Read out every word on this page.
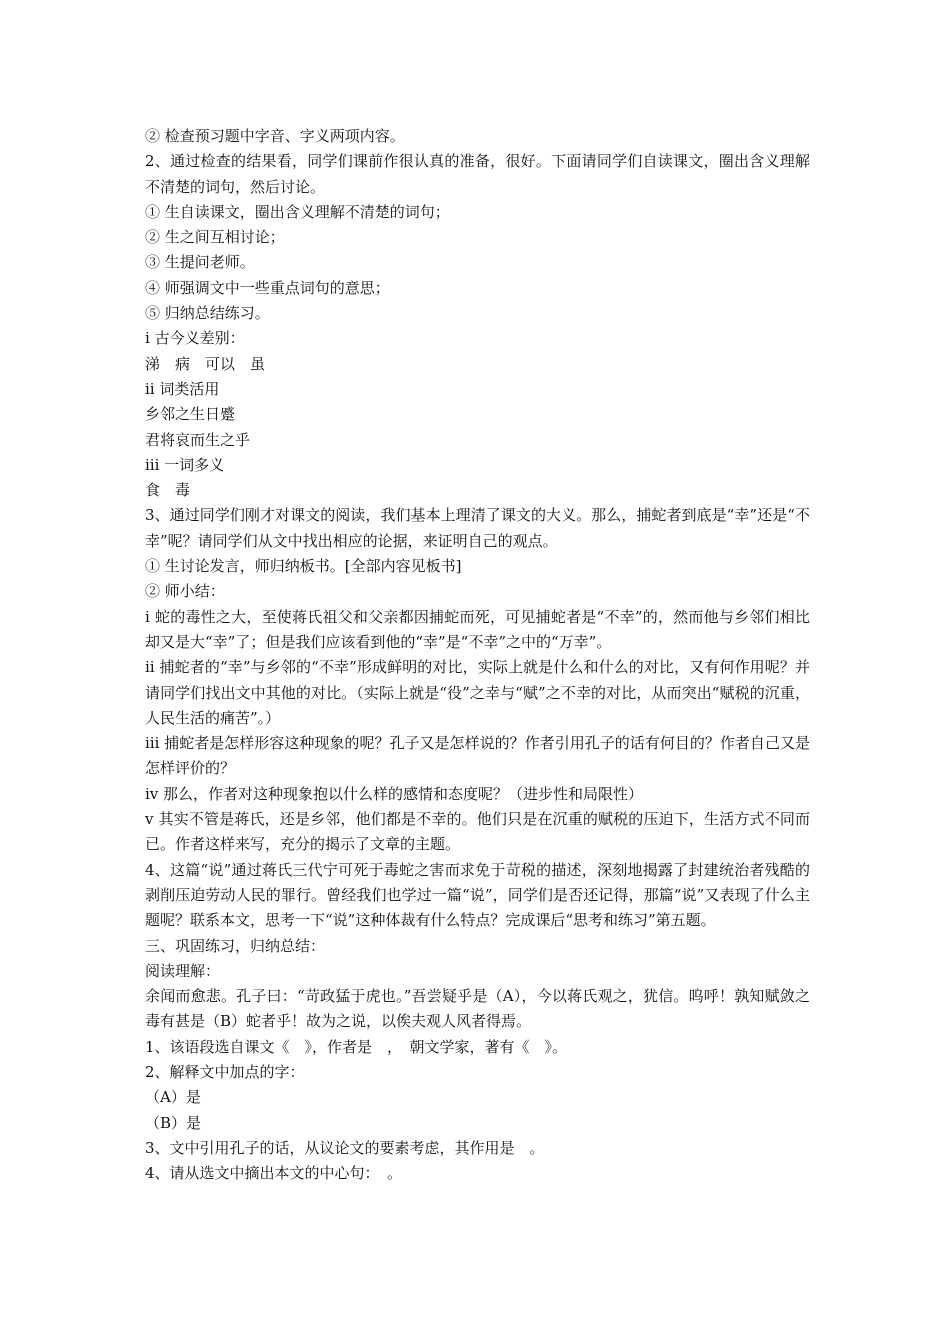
② 检查预习题中字音、字义两项内容。

2、通过检查的结果看，同学们课前作很认真的准备，很好。下面请同学们自读课文，圈出含义理解不清楚的词句，然后讨论。

① 生自读课文，圈出含义理解不清楚的词句；

② 生之间互相讨论；

③ 生提问老师。

④ 师强调文中一些重点词句的意思；

⑤ 归纳总结练习。

ⅰ 古今义差别：

涕　病　可以　虽

ⅱ 词类活用

乡邻之生日蹙

君将哀而生之乎

ⅲ 一词多义

食　毒

3、通过同学们刚才对课文的阅读，我们基本上理清了课文的大义。那么，捕蛇者到底是“幸”还是“不幸”呢？请同学们从文中找出相应的论据，来证明自己的观点。

① 生讨论发言，师归纳板书。[全部内容见板书]

② 师小结：

ⅰ 蛇的毒性之大，至使蒋氏祖父和父亲都因捕蛇而死，可见捕蛇者是“不幸”的，然而他与乡邻们相比却又是大“幸”了；但是我们应该看到他的“幸”是“不幸”之中的“万幸”。

ⅱ 捕蛇者的“幸”与乡邻的“不幸”形成鲜明的对比，实际上就是什么和什么的对比，又有何作用呢？并请同学们找出文中其他的对比。（实际上就是“役”之幸与“赋”之不幸的对比，从而突出“赋税的沉重，人民生活的痛苦”。）

ⅲ 捕蛇者是怎样形容这种现象的呢？孔子又是怎样说的？作者引用孔子的话有何目的？作者自己又是怎样评价的？

ⅳ 那么，作者对这种现象抱以什么样的感情和态度呢？（进步性和局限性）

ⅴ 其实不管是蒋氏，还是乡邻，他们都是不幸的。他们只是在沉重的赋税的压迫下，生活方式不同而已。作者这样来写，充分的揭示了文章的主题。

4、这篇“说”通过蒋氏三代宁可死于毒蛇之害而求免于苛税的描述，深刻地揭露了封建统治者残酷的剥削压迫劳动人民的罪行。曾经我们也学过一篇“说”，同学们是否还记得，那篇“说”又表现了什么主题呢？联系本文，思考一下“说”这种体裁有什么特点？完成课后“思考和练习”第五题。

三、巩固练习，归纳总结：

阅读理解：

余闻而愈悲。孔子曰：“苛政猛于虎也。”吾尝疑乎是（A），今以蒋氏观之，犹信。呜呼！孰知赋敛之毒有甚是（B）蛇者乎！故为之说，以俟夫观人风者得焉。

1、该语段选自课文《　》，作者是　，　朝文学家，著有《　》。

2、解释文中加点的字：

（A）是

（B）是

3、文中引用孔子的话，从议论文的要素考虑，其作用是　。

4、请从选文中摘出本文的中心句：　。
